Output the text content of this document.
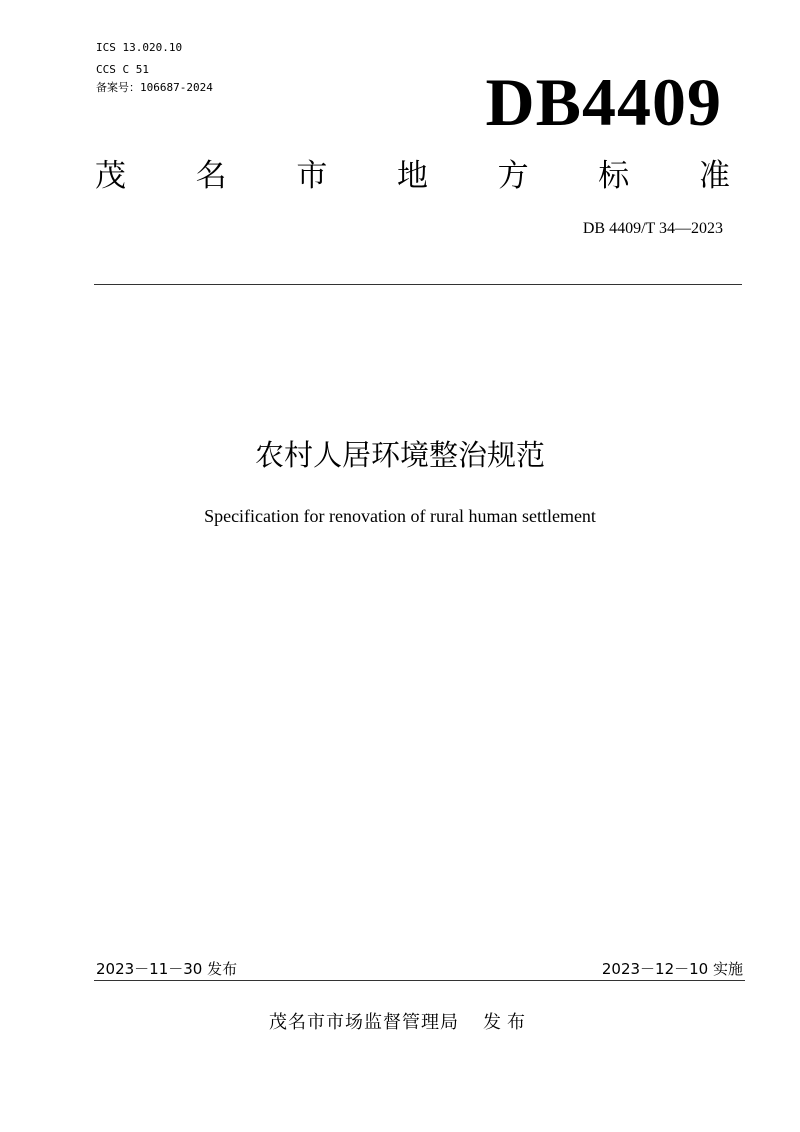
ICS 13.020.10
CCS C 51
备案号：106687-2024	DB4409
茂 名 市 地 方 标 准
DB 4409/T 34—2023
农村人居环境整治规范
Specification for renovation of rural human settlement
2023－11－30 发布	2023－12－10 实施
茂名市市场监督管理局 发布
